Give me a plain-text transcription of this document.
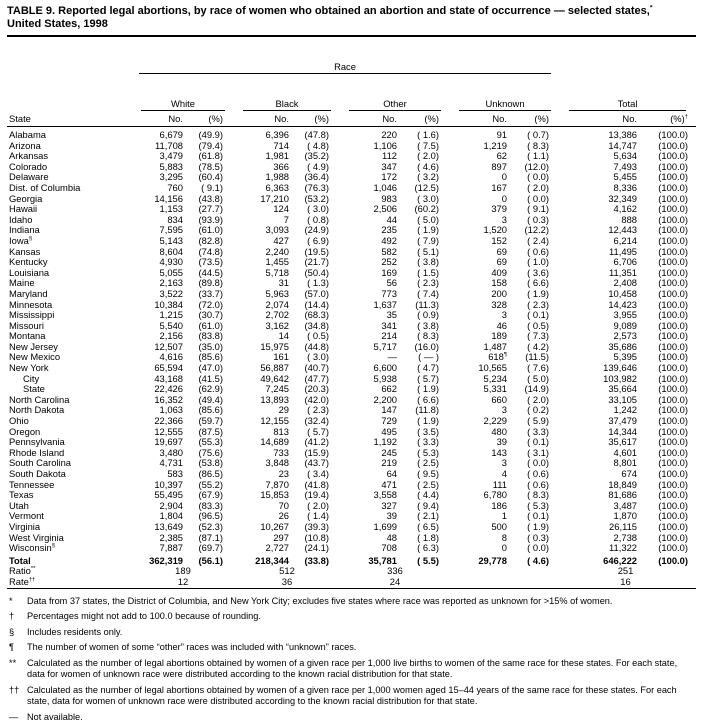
TABLE 9. Reported legal abortions, by race of women who obtained an abortion and state of occurrence — selected states,*
United States, 1998

	Race									

	White		Black		Other		Unknown		Total	

State	No.	(%)	No.	(%)	No.	(%)	No.	(%)	No.	(%)†
Alabama	6,679	(49.9)	6,396	(47.8)	220	( 1.6)	91	( 0.7)	13,386	(100.0)
Arizona	11,708	(79.4)	714	( 4.8)	1,106	( 7.5)	1,219	( 8.3)	14,747	(100.0)
Arkansas	3,479	(61.8)	1,981	(35.2)	112	( 2.0)	62	( 1.1)	5,634	(100.0)
Colorado	5,883	(78.5)	366	( 4.9)	347	( 4.6)	897	(12.0)	7,493	(100.0)
Delaware	3,295	(60.4)	1,988	(36.4)	172	( 3.2)	0	( 0.0)	5,455	(100.0)
Dist. of Columbia	760	( 9.1)	6,363	(76.3)	1,046	(12.5)	167	( 2.0)	8,336	(100.0)
Georgia	14,156	(43.8)	17,210	(53.2)	983	( 3.0)	0	( 0.0)	32,349	(100.0)
Hawaii	1,153	(27.7)	124	( 3.0)	2,506	(60.2)	379	( 9.1)	4,162	(100.0)
Idaho	834	(93.9)	7	( 0.8)	44	( 5.0)	3	( 0.3)	888	(100.0)
Indiana	7,595	(61.0)	3,093	(24.9)	235	( 1.9)	1,520	(12.2)	12,443	(100.0)
Iowa§	5,143	(82.8)	427	( 6.9)	492	( 7.9)	152	( 2.4)	6,214	(100.0)
Kansas	8,604	(74.8)	2,240	(19.5)	582	( 5.1)	69	( 0.6)	11,495	(100.0)
Kentucky	4,930	(73.5)	1,455	(21.7)	252	( 3.8)	69	( 1.0)	6,706	(100.0)
Louisiana	5,055	(44.5)	5,718	(50.4)	169	( 1.5)	409	( 3.6)	11,351	(100.0)
Maine	2,163	(89.8)	31	( 1.3)	56	( 2.3)	158	( 6.6)	2,408	(100.0)
Maryland	3,522	(33.7)	5,963	(57.0)	773	( 7.4)	200	( 1.9)	10,458	(100.0)
Minnesota	10,384	(72.0)	2,074	(14.4)	1,637	(11.3)	328	( 2.3)	14,423	(100.0)
Mississippi	1,215	(30.7)	2,702	(68.3)	35	( 0.9)	3	( 0.1)	3,955	(100.0)
Missouri	5,540	(61.0)	3,162	(34.8)	341	( 3.8)	46	( 0.5)	9,089	(100.0)
Montana	2,156	(83.8)	14	( 0.5)	214	( 8.3)	189	( 7.3)	2,573	(100.0)
New Jersey	12,507	(35.0)	15,975	(44.8)	5,717	(16.0)	1,487	( 4.2)	35,686	(100.0)
New Mexico	4,616	(85.6)	161	( 3.0)	—	( — )	618¶	(11.5)	5,395	(100.0)
New York	65,594	(47.0)	56,887	(40.7)	6,600	( 4.7)	10,565	( 7.6)	139,646	(100.0)
City	43,168	(41.5)	49,642	(47.7)	5,938	( 5.7)	5,234	( 5.0)	103,982	(100.0)
State	22,426	(62.9)	7,245	(20.3)	662	( 1.9)	5,331	(14.9)	35,664	(100.0)
North Carolina	16,352	(49.4)	13,893	(42.0)	2,200	( 6.6)	660	( 2.0)	33,105	(100.0)
North Dakota	1,063	(85.6)	29	( 2.3)	147	(11.8)	3	( 0.2)	1,242	(100.0)
Ohio	22,366	(59.7)	12,155	(32.4)	729	( 1.9)	2,229	( 5.9)	37,479	(100.0)
Oregon	12,555	(87.5)	813	( 5.7)	495	( 3.5)	480	( 3.3)	14,344	(100.0)
Pennsylvania	19,697	(55.3)	14,689	(41.2)	1,192	( 3.3)	39	( 0.1)	35,617	(100.0)
Rhode Island	3,480	(75.6)	733	(15.9)	245	( 5.3)	143	( 3.1)	4,601	(100.0)
South Carolina	4,731	(53.8)	3,848	(43.7)	219	( 2.5)	3	( 0.0)	8,801	(100.0)
South Dakota	583	(86.5)	23	( 3.4)	64	( 9.5)	4	( 0.6)	674	(100.0)
Tennessee	10,397	(55.2)	7,870	(41.8)	471	( 2.5)	111	( 0.6)	18,849	(100.0)
Texas	55,495	(67.9)	15,853	(19.4)	3,558	( 4.4)	6,780	( 8.3)	81,686	(100.0)
Utah	2,904	(83.3)	70	( 2.0)	327	( 9.4)	186	( 5.3)	3,487	(100.0)
Vermont	1,804	(96.5)	26	( 1.4)	39	( 2.1)	1	( 0.1)	1,870	(100.0)
Virginia	13,649	(52.3)	10,267	(39.3)	1,699	( 6.5)	500	( 1.9)	26,115	(100.0)
West Virginia	2,385	(87.1)	297	(10.8)	48	( 1.8)	8	( 0.3)	2,738	(100.0)
Wisconsin§	7,887	(69.7)	2,727	(24.1)	708	( 6.3)	0	( 0.0)	11,322	(100.0)
Total	362,319	(56.1)	218,344	(33.8)	35,781	( 5.5)	29,778	( 4.6)	646,222	(100.0)
Ratio**	189		512		336				251	
Rate††	12		36		24				16	
*	Data from 37 states, the District of Columbia, and New York City; excludes five states where race was reported as unknown for >15% of women.
†	Percentages might not add to 100.0 because of rounding.
§	Includes residents only.
¶	The number of women of some “other” races was included with “unknown” races.
**	Calculated as the number of legal abortions obtained by women of a given race per 1,000 live births to women of the same race for these states. For each state, data for women of unknown race were distributed according to the known racial distribution for that state.
†† Calculated as the number of legal abortions obtained by women of a given race per 1,000 women aged 15–44 years of the same race for these states. For each state, data for women of unknown race were distributed according to the known racial distribution for that state.
— Not available.
